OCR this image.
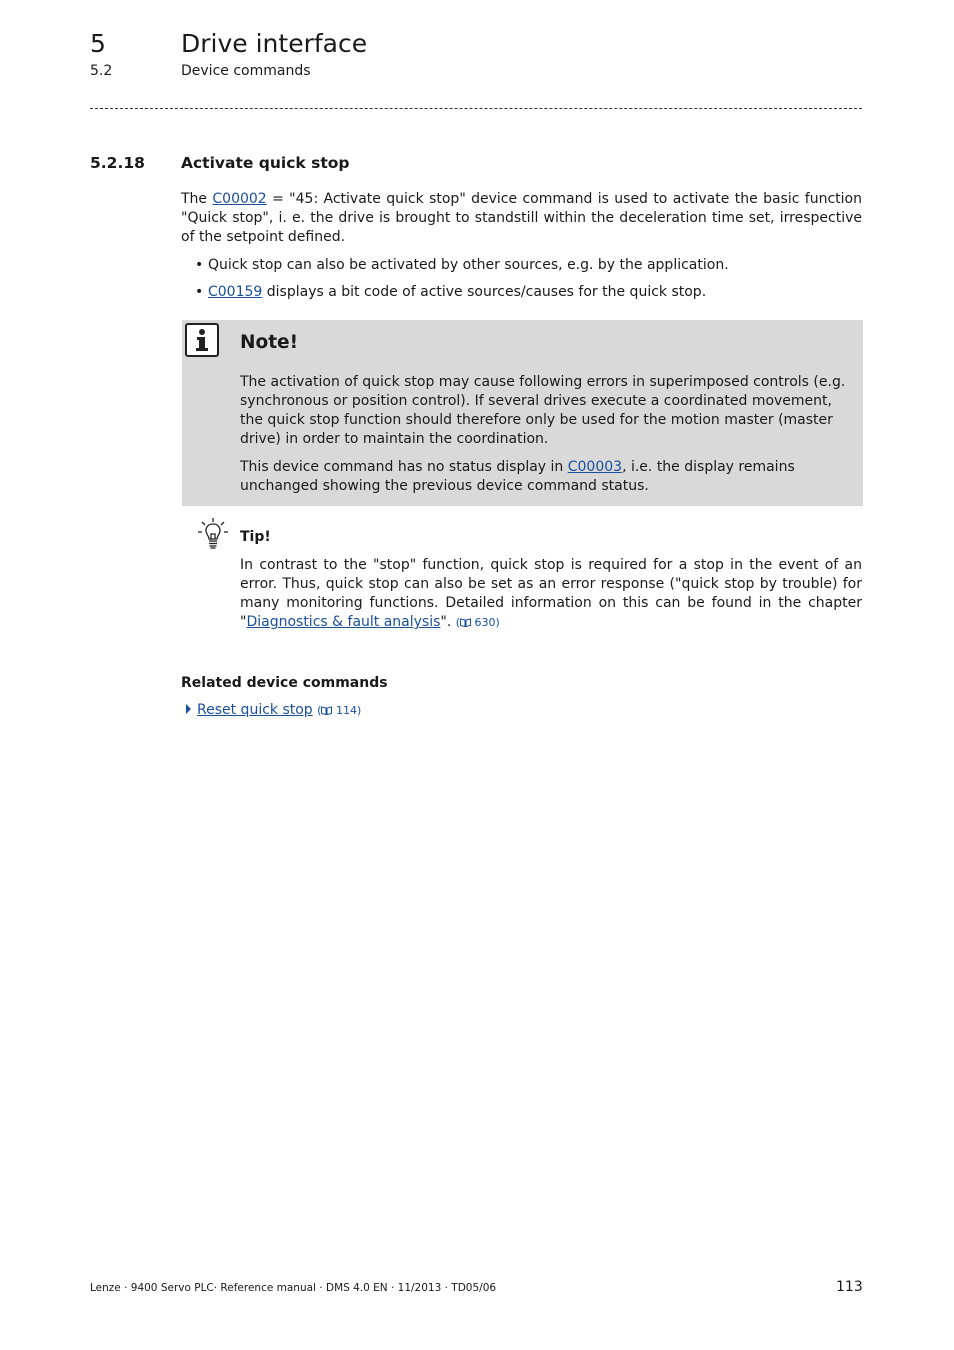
5	Drive interface
5.2	Device commands
5.2.18 Activate quick stop
The C00002 = "45: Activate quick stop" device command is used to activate the basic function "Quick stop", i. e. the drive is brought to standstill within the deceleration time set, irrespective of the setpoint defined.
• Quick stop can also be activated by other sources, e.g. by the application.
• C00159 displays a bit code of active sources/causes for the quick stop.
Note!
The activation of quick stop may cause following errors in superimposed controls (e.g. synchronous or position control). If several drives execute a coordinated movement, the quick stop function should therefore only be used for the motion master (master drive) in order to maintain the coordination.
This device command has no status display in C00003, i.e. the display remains unchanged showing the previous device command status.
Tip!
In contrast to the "stop" function, quick stop is required for a stop in the event of an error. Thus, quick stop can also be set as an error response ("quick stop by trouble) for many monitoring functions. Detailed information on this can be found in the chapter "Diagnostics & fault analysis". ( 630)
Related device commands
Reset quick stop ( 114)
Lenze · 9400 Servo PLC· Reference manual · DMS 4.0 EN · 11/2013 · TD05/06	113
